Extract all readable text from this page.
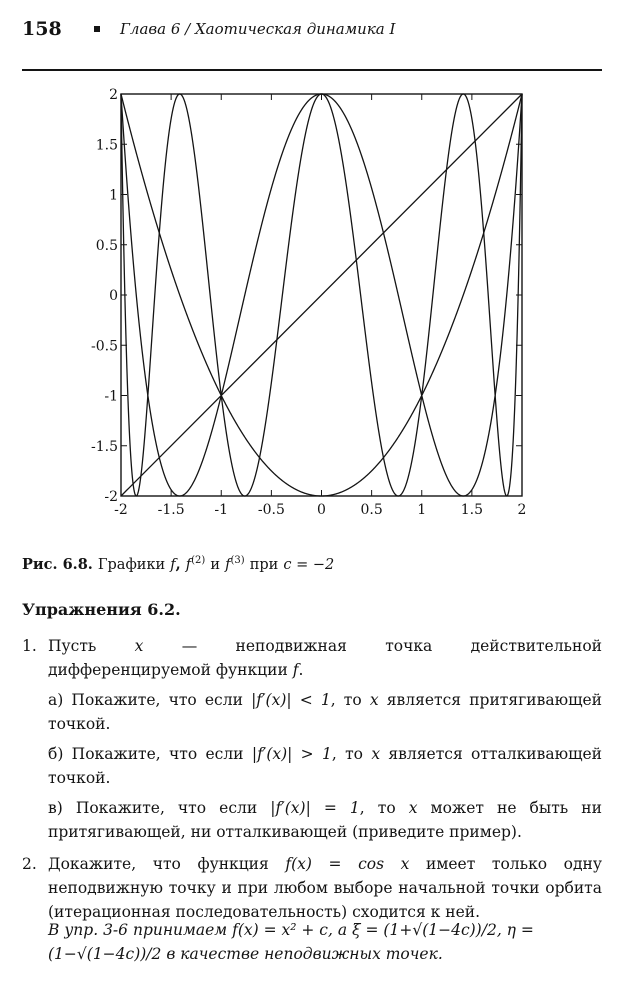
158	Глава 6 / Хаотическая динамика I
-2 -1.5 -1 -0.5 0 0.5 1 1.5 2
2
1.5
1
0.5
0
-0.5
-1
-1.5
-2
Рис. 6.8. Графики f, $f^{(2)}$ и $f^{(3)}$ при c = −2
Упражнения 6.2.
1. Пусть x — неподвижная точка действительной дифференцируемой функции f.
а) Покажите, что если |f′(x)| < 1, то x является притягивающей точкой.
б) Покажите, что если |f′(x)| > 1, то x является отталкивающей точкой.
в) Покажите, что если |f′(x)| = 1, то x может не быть ни притягивающей, ни отталкивающей (приведите пример).
2. Докажите, что функция f(x) = cos x имеет только одну неподвижную точку и при любом выборе начальной точки орбита (итерационная последовательность) сходится к ней.
В упр. 3-6 принимаем f(x) = x² + c, а ξ = (1+√(1−4c))/2, η = (1−√(1−4c))/2 в качестве неподвижных точек.
